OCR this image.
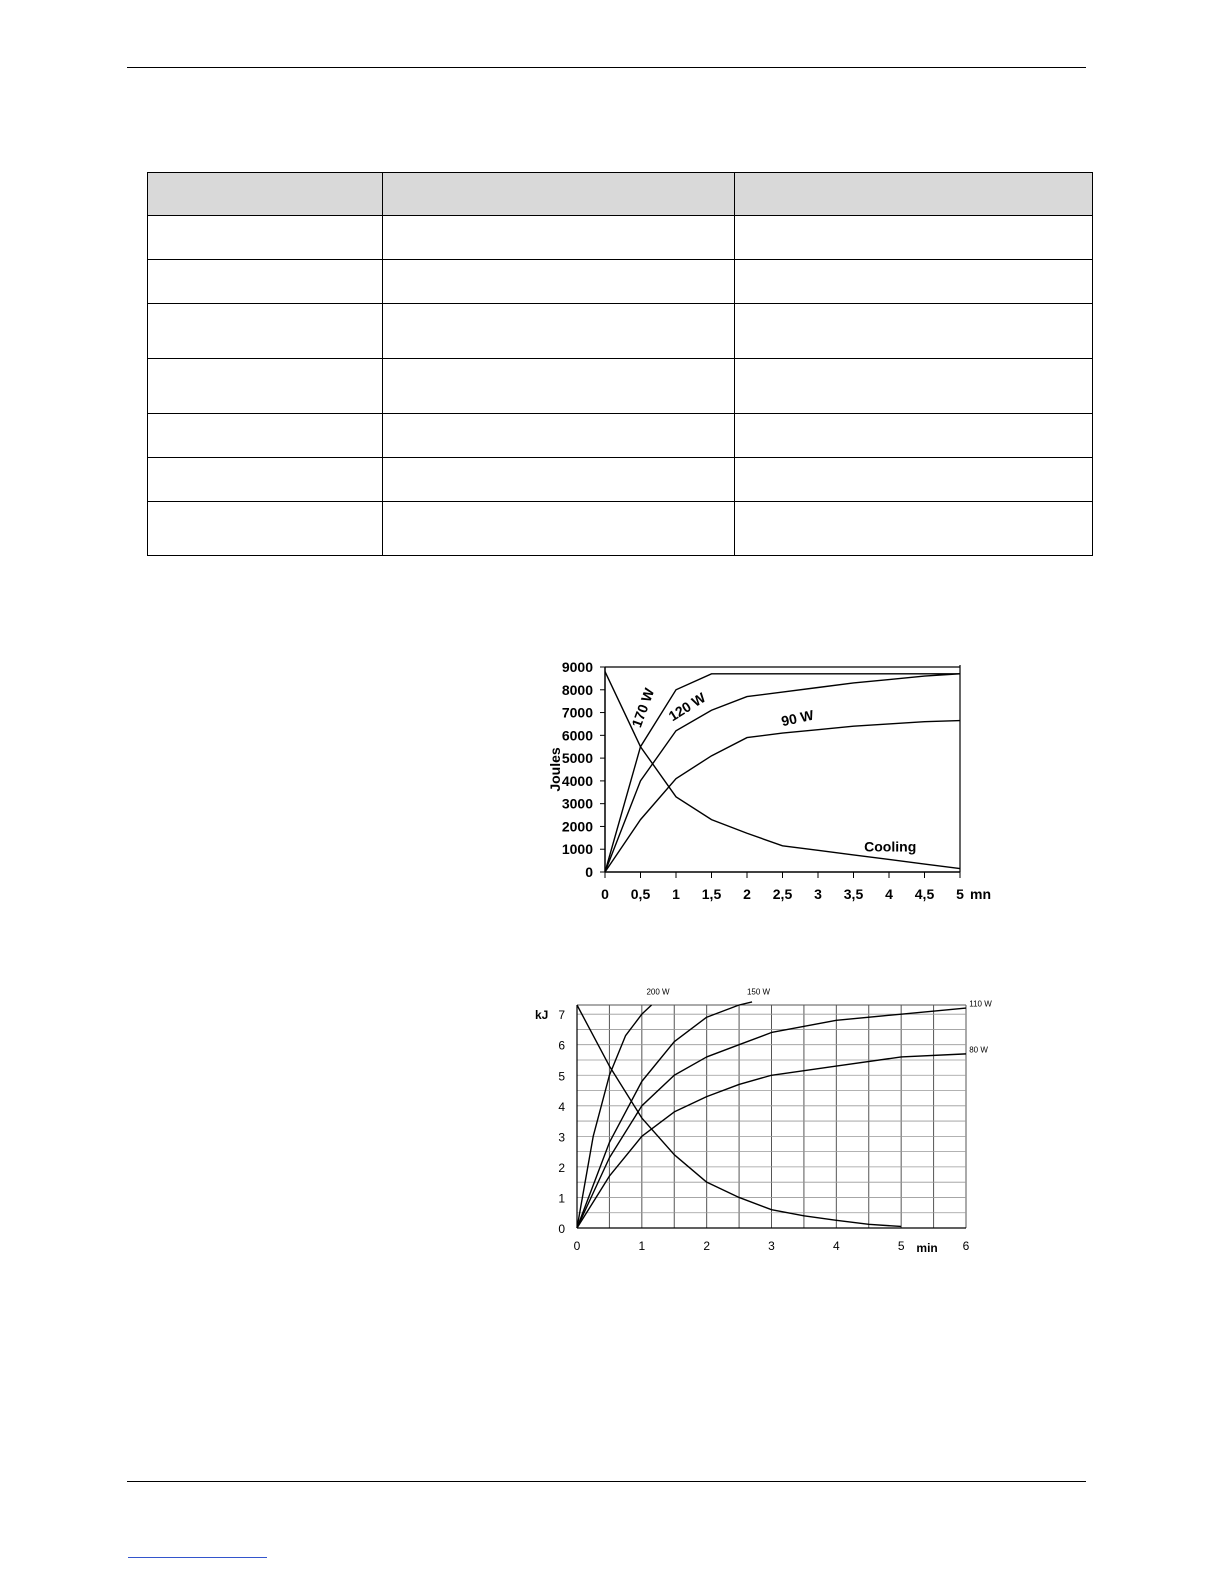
9000
8000
7000
6000
5000
4000
3000
2000
1000
0
0 0,5 1 1,5 2 2,5 3 3,5 4 4,5 5 mn
Joules
170 W 120 W	90 W
Cooling
7
6
5
4
3
2
1
0
0	1	2	3	4	5	6
min
kJ
200 W	150 W
110 W
80 W
